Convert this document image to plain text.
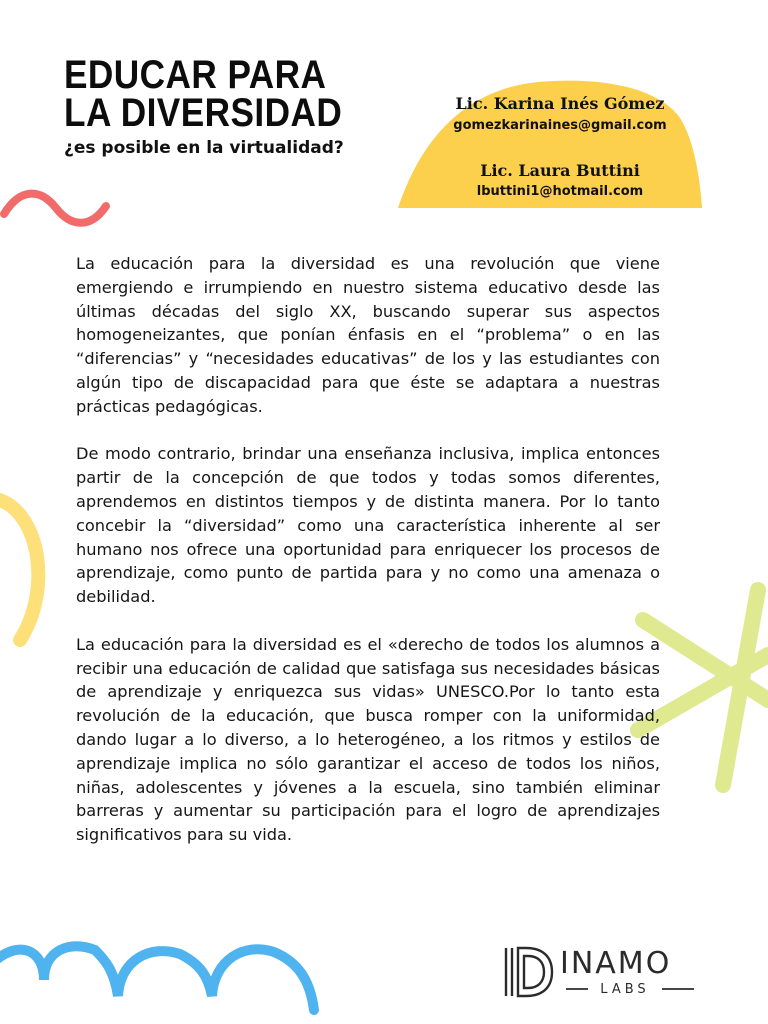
EDUCAR PARA
LA DIVERSIDAD

¿es posible en la virtualidad?

Lic. Karina Inés Gómez
gomezkarinaines@gmail.com
Lic. Laura Buttini
lbuttini1@hotmail.com

La educación para la diversidad es una revolución que viene emergiendo e irrumpiendo en nuestro sistema educativo desde las últimas décadas del siglo XX, buscando superar sus aspectos homogeneizantes, que ponían énfasis en el “problema” o en las “diferencias” y “necesidades educativas” de los y las estudiantes con algún tipo de discapacidad para que éste se adaptara a nuestras prácticas pedagógicas.

De modo contrario, brindar una enseñanza inclusiva, implica entonces partir de la concepción de que todos y todas somos diferentes, aprendemos en distintos tiempos y de distinta manera. Por lo tanto concebir la “diversidad” como una característica inherente al ser humano nos ofrece una oportunidad para enriquecer los procesos de aprendizaje, como punto de partida para y no como una amenaza o debilidad.

La educación para la diversidad es el «derecho de todos los alumnos a recibir una educación de calidad que satisfaga sus necesidades básicas de aprendizaje y enriquezca sus vidas» UNESCO.Por lo tanto esta revolución de la educación, que busca romper con la uniformidad, dando lugar a lo diverso, a lo heterogéneo, a los ritmos y estilos de aprendizaje implica no sólo garantizar el acceso de todos los niños, niñas, adolescentes y jóvenes a la escuela, sino también eliminar barreras y aumentar su participación para el logro de aprendizajes significativos para su vida.

INAMO
LABS
